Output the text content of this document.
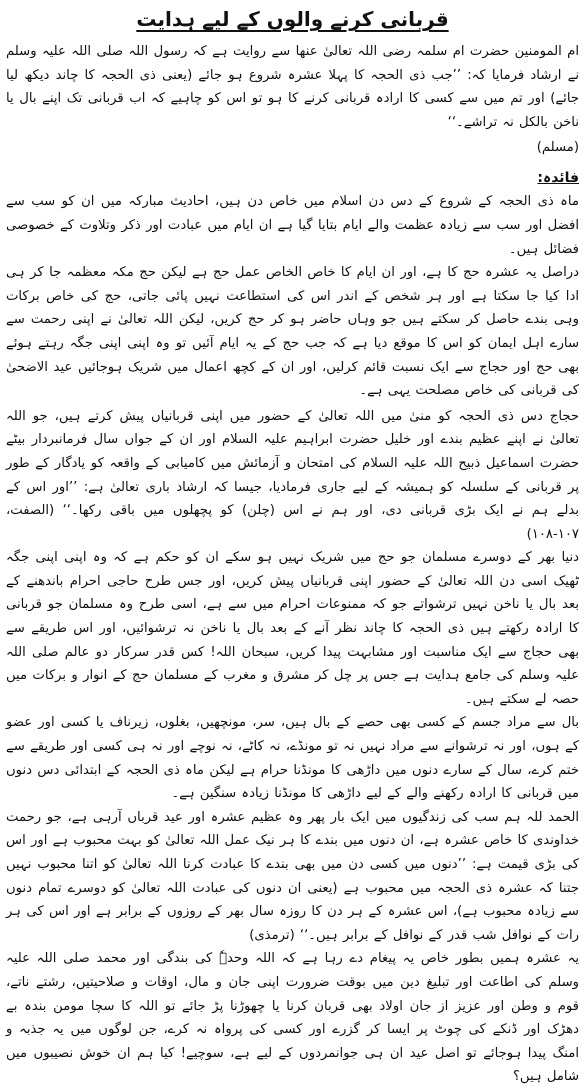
قربانی کرنے والوں کے لیے ہدایت

ام المومنین حضرت ام سلمہ رضی اللہ تعالیٰ عنھا سے روایت ہے کہ رسول اللہ صلی اللہ علیہ وسلم نے ارشاد فرمایا کہ: ’’جب ذی الحجہ کا پہلا عشرہ شروع ہو جائے (یعنی ذی الحجہ کا چاند دیکھ لیا جائے) اور تم میں سے کسی کا ارادہ قربانی کرنے کا ہو تو اس کو چاہیے کہ اب قربانی تک اپنے بال یا ناخن بالکل نہ تراشے۔‘‘

(مسلم)
فائدہ:

ماہ ذی الحجہ کے شروع کے دس دن اسلام میں خاص دن ہیں، احادیث مبارکہ میں ان کو سب سے افضل اور سب سے زیادہ عظمت والے ایام بتایا گیا ہے ان ایام میں عبادت اور ذکر وتلاوت کے خصوصی فضائل ہیں۔

دراصل یہ عشرہ حج کا ہے، اور ان ایام کا خاص الخاص عمل حج ہے لیکن حج مکہ معظمہ جا کر ہی ادا کیا جا سکتا ہے اور ہر شخص کے اندر اس کی استطاعت نہیں پائی جاتی، حج کی خاص برکات وہی بندے حاصل کر سکتے ہیں جو وہاں حاضر ہو کر حج کریں، لیکن اللہ تعالیٰ نے اپنی رحمت سے سارے اہل ایمان کو اس کا موقع دیا ہے کہ جب حج کے یہ ایام آئیں تو وہ اپنی اپنی جگہ رہتے ہوئے بھی حج اور حجاج سے ایک نسبت قائم کرلیں، اور ان کے کچھ اعمال میں شریک ہوجائیں عید الاضحیٰ کی قربانی کی خاص مصلحت یہی ہے۔

حجاج دس ذی الحجہ کو منیٰ میں اللہ تعالیٰ کے حضور میں اپنی قربانیاں پیش کرتے ہیں، جو اللہ تعالیٰ نے اپنے عظیم بندے اور خلیل حضرت ابراہیم علیہ السلام اور ان کے جواں سال فرمانبردار بیٹے حضرت اسماعیل ذبیح اللہ علیہ السلام کی امتحان و آزمائش میں کامیابی کے واقعہ کو یادگار کے طور پر قربانی کے سلسلہ کو ہمیشہ کے لیے جاری فرمادیا، جیسا کہ ارشاد باری تعالیٰ ہے: ’’اور اس کے بدلے ہم نے ایک بڑی قربانی دی، اور ہم نے اس (چلن) کو پچھلوں میں باقی رکھا۔‘‘ (الصفت، ۱۰۷-۱۰۸)

دنیا بھر کے دوسرے مسلمان جو حج میں شریک نہیں ہو سکے ان کو حکم ہے کہ وہ اپنی اپنی جگہ ٹھیک اسی دن اللہ تعالیٰ کے حضور اپنی قربانیاں پیش کریں، اور جس طرح حاجی احرام باندھنے کے بعد بال یا ناخن نہیں ترشواتے جو کہ ممنوعات احرام میں سے ہے، اسی طرح وہ مسلمان جو قربانی کا ارادہ رکھتے ہیں ذی الحجہ کا چاند نظر آنے کے بعد بال یا ناخن نہ ترشوائیں، اور اس طریقے سے بھی حجاج سے ایک مناسبت اور مشابہت پیدا کریں، سبحان اللہ! کس قدر سرکار دو عالم صلی اللہ علیہ وسلم کی جامع ہدایت ہے جس پر چل کر مشرق و مغرب کے مسلمان حج کے انوار و برکات میں حصہ لے سکتے ہیں۔

بال سے مراد جسم کے کسی بھی حصے کے بال ہیں، سر، مونچھیں، بغلوں، زیرناف یا کسی اور عضو کے ہوں، اور نہ ترشوانے سے مراد نہیں نہ تو مونڈے، نہ کاٹے، نہ نوچے اور نہ ہی کسی اور طریقے سے ختم کرے، سال کے سارے دنوں میں داڑھی کا مونڈنا حرام ہے لیکن ماہ ذی الحجہ کے ابتدائی دس دنوں میں قربانی کا ارادہ رکھنے والے کے لیے داڑھی کا مونڈنا زیادہ سنگین ہے۔

الحمد للہ ہم سب کی زندگیوں میں ایک بار پھر وہ عظیم عشرہ اور عید قرباں آرہی ہے، جو رحمت خداوندی کا خاص عشرہ ہے، ان دنوں میں بندے کا ہر نیک عمل اللہ تعالیٰ کو بہت محبوب ہے اور اس کی بڑی قیمت ہے: ’’دنوں میں کسی دن میں بھی بندے کا عبادت کرنا اللہ تعالیٰ کو اتنا محبوب نہیں جتنا کہ عشرہ ذی الحجہ میں محبوب ہے (یعنی ان دنوں کی عبادت اللہ تعالیٰ کو دوسرے تمام دنوں سے زیادہ محبوب ہے)، اس عشرہ کے ہر دن کا روزہ سال بھر کے روزوں کے برابر ہے اور اس کی ہر رات کے نوافل شب قدر کے نوافل کے برابر ہیں۔‘‘ (ترمذی)

یہ عشرہ ہمیں بطور خاص یہ پیغام دے رہا ہے کہ اللہ وحدہٗ کی بندگی اور محمد صلی اللہ علیہ وسلم کی اطاعت اور تبلیغ دین میں بوقت ضرورت اپنی جان و مال، اوقات و صلاحیتیں، رشتے ناتے، قوم و وطن اور عزیز از جان اولاد بھی قربان کرنا یا چھوڑنا پڑ جائے تو اللہ کا سچا مومن بندہ بے دھڑک اور ڈنکے کی چوٹ پر ایسا کر گزرے اور کسی کی پرواہ نہ کرے، جن لوگوں میں یہ جذبہ و امنگ پیدا ہوجائے تو اصل عید ان ہی جوانمردوں کے لیے ہے، سوچیے! کیا ہم ان خوش نصیبوں میں شامل ہیں؟
